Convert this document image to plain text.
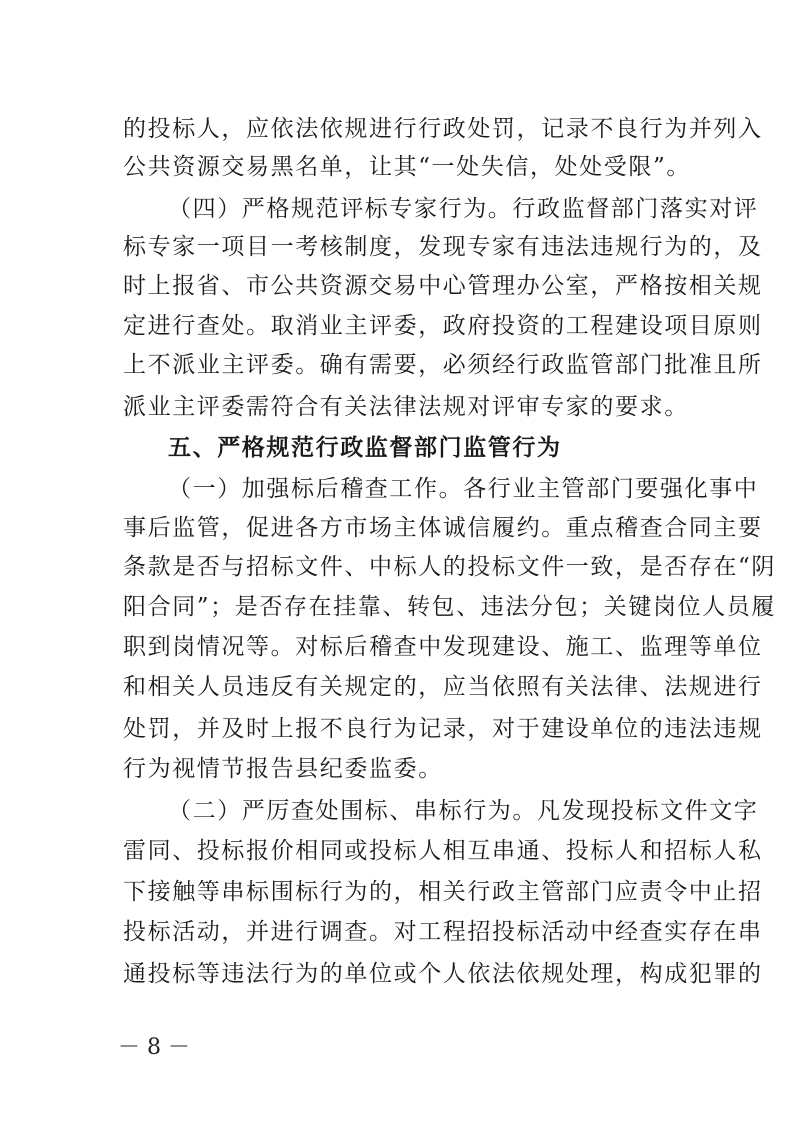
的投标人，应依法依规进行行政处罚，记录不良行为并列入
公共资源交易黑名单，让其“一处失信，处处受限”。
（四）严格规范评标专家行为。行政监督部门落实对评
标专家一项目一考核制度，发现专家有违法违规行为的，及
时上报省、市公共资源交易中心管理办公室，严格按相关规
定进行查处。取消业主评委，政府投资的工程建设项目原则
上不派业主评委。确有需要，必须经行政监管部门批准且所
派业主评委需符合有关法律法规对评审专家的要求。
五、严格规范行政监督部门监管行为
（一）加强标后稽查工作。各行业主管部门要强化事中
事后监管，促进各方市场主体诚信履约。重点稽查合同主要
条款是否与招标文件、中标人的投标文件一致，是否存在“阴
阳合同”；是否存在挂靠、转包、违法分包；关键岗位人员履
职到岗情况等。对标后稽查中发现建设、施工、监理等单位
和相关人员违反有关规定的，应当依照有关法律、法规进行
处罚，并及时上报不良行为记录，对于建设单位的违法违规
行为视情节报告县纪委监委。
（二）严厉查处围标、串标行为。凡发现投标文件文字
雷同、投标报价相同或投标人相互串通、投标人和招标人私
下接触等串标围标行为的，相关行政主管部门应责令中止招
投标活动，并进行调查。对工程招投标活动中经查实存在串
通投标等违法行为的单位或个人依法依规处理，构成犯罪的
－ 8 －
